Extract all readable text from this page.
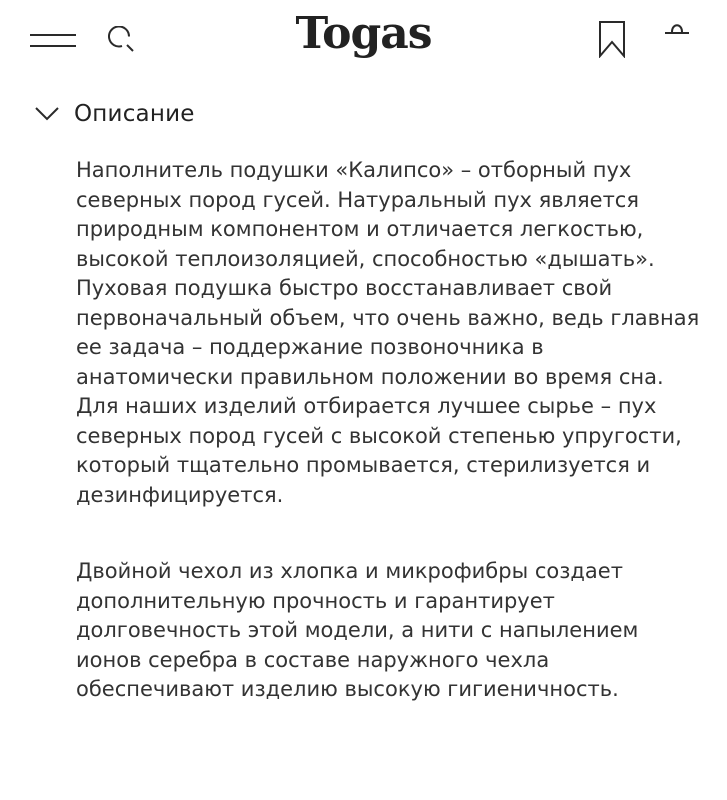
Togas
Описание

Наполнитель подушки «Калипсо» – отборный пух северных пород гусей. Натуральный пух является природным компонентом и отличается легкостью, высокой теплоизоляцией, способностью «дышать». Пуховая подушка быстро восстанавливает свой первоначальный объем, что очень важно, ведь главная ее задача – поддержание позвоночника в анатомически правильном положении во время сна. Для наших изделий отбирается лучшее сырье – пух северных пород гусей с высокой степенью упругости, который тщательно промывается, стерилизуется и дезинфицируется.

Двойной чехол из хлопка и микрофибры создает дополнительную прочность и гарантирует долговечность этой модели, а нити с напылением ионов серебра в составе наружного чехла обеспечивают изделию высокую гигиеничность.
